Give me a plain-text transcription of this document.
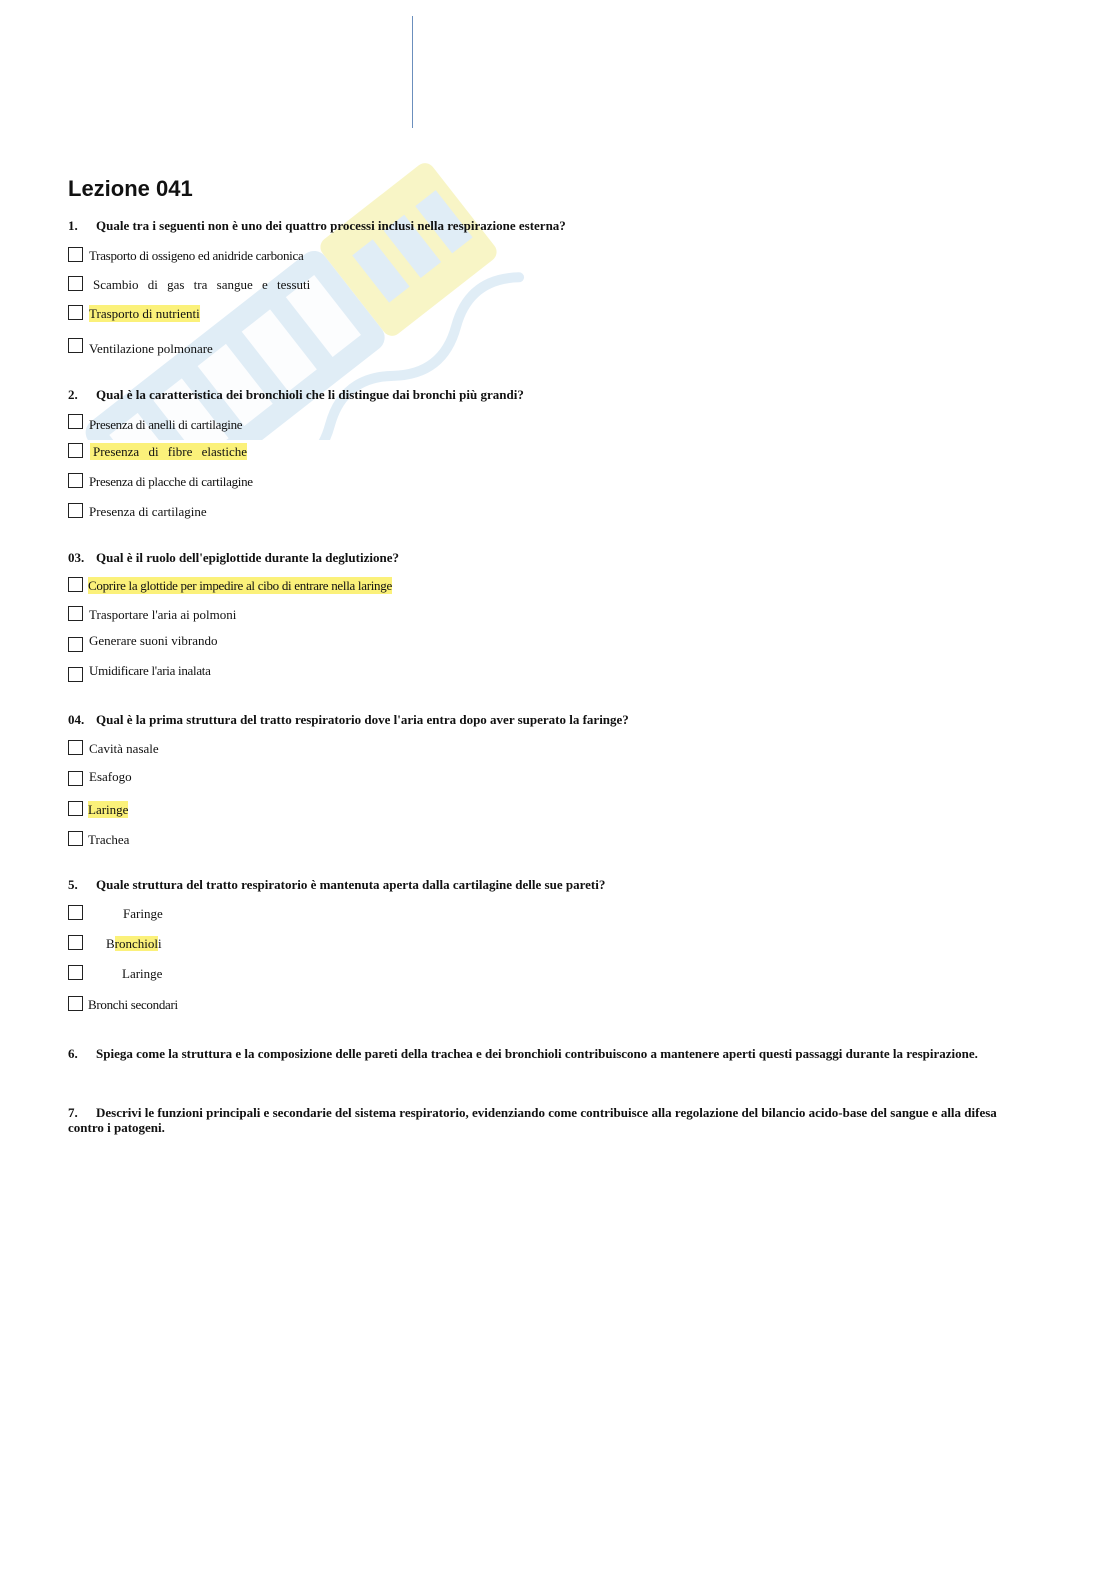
Lezione 041

1. Quale tra i seguenti non è uno dei quattro processi inclusi nella respirazione esterna?

Trasporto di ossigeno ed anidride carbonica
Scambio di gas tra sangue e tessuti
Trasporto di nutrienti
Ventilazione polmonare

2. Qual è la caratteristica dei bronchioli che li distingue dai bronchi più grandi?

Presenza di anelli di cartilagine
Presenza di fibre elastiche
Presenza di placche di cartilagine
Presenza di cartilagine

03. Qual è il ruolo dell'epiglottide durante la deglutizione?

Coprire la glottide per impedire al cibo di entrare nella laringe
Trasportare l'aria ai polmoni
Generare suoni vibrando
Umidificare l'aria inalata

04. Qual è la prima struttura del tratto respiratorio dove l'aria entra dopo aver superato la faringe?

Cavità nasale
Esafogo
Laringe
Trachea

5. Quale struttura del tratto respiratorio è mantenuta aperta dalla cartilagine delle sue pareti?

Faringe
Bronchioli
Laringe
Bronchi secondari

6. Spiega come la struttura e la composizione delle pareti della trachea e dei bronchioli contribuiscono a mantenere aperti questi passaggi durante la respirazione.

7. Descrivi le funzioni principali e secondarie del sistema respiratorio, evidenziando come contribuisce alla regolazione del bilancio acido-base del sangue e alla difesa contro i patogeni.
